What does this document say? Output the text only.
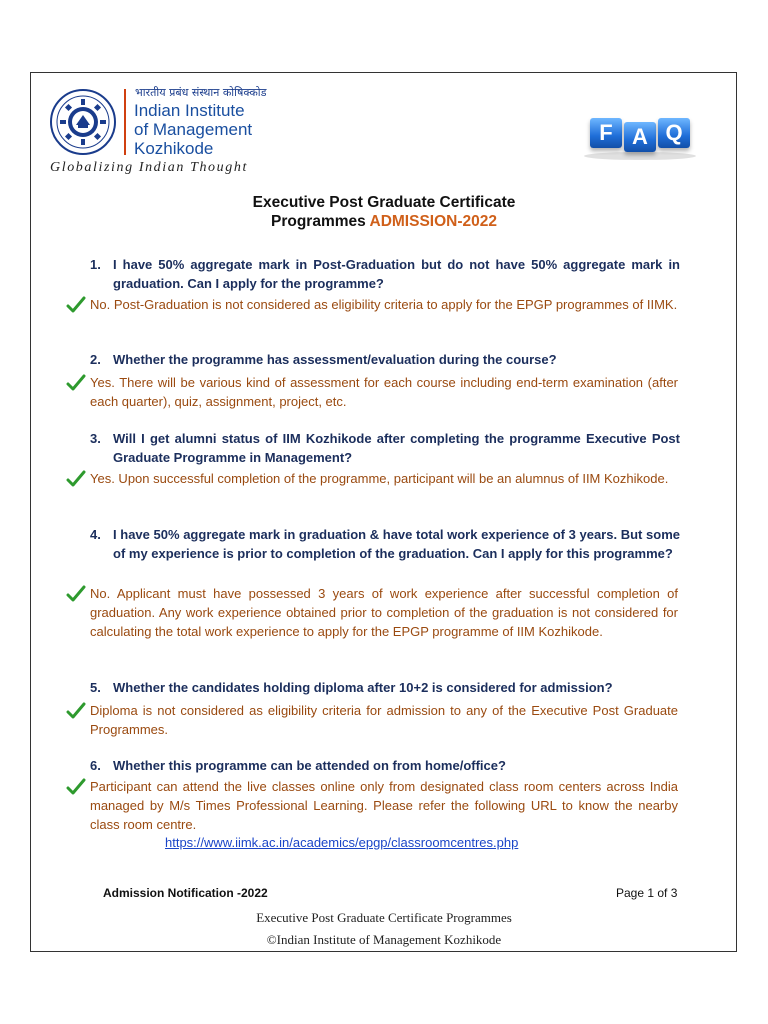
भारतीय प्रबंध संस्थान कोषिक्कोड
Indian Institute
of Management
Kozhikode
Globalizing Indian Thought
F A Q
Executive Post Graduate Certificate
Programmes ADMISSION-2022
1. I have 50% aggregate mark in Post-Graduation but do not have 50% aggregate mark in graduation. Can I apply for the programme?
No. Post-Graduation is not considered as eligibility criteria to apply for the EPGP programmes of IIMK.
2. Whether the programme has assessment/evaluation during the course?
Yes. There will be various kind of assessment for each course including end-term examination (after each quarter), quiz, assignment, project, etc.
3. Will I get alumni status of IIM Kozhikode after completing the programme Executive Post Graduate Programme in Management?
Yes. Upon successful completion of the programme, participant will be an alumnus of IIM Kozhikode.
4. I have 50% aggregate mark in graduation & have total work experience of 3 years. But some of my experience is prior to completion of the graduation. Can I apply for this programme?
No. Applicant must have possessed 3 years of work experience after successful completion of graduation. Any work experience obtained prior to completion of the graduation is not considered for calculating the total work experience to apply for the EPGP programme of IIM Kozhikode.
5. Whether the candidates holding diploma after 10+2 is considered for admission?
Diploma is not considered as eligibility criteria for admission to any of the Executive Post Graduate Programmes.
6. Whether this programme can be attended on from home/office?
Participant can attend the live classes online only from designated class room centers across India managed by M/s Times Professional Learning. Please refer the following URL to know the nearby class room centre.
https://www.iimk.ac.in/academics/epgp/classroomcentres.php
Admission Notification -2022	Page 1 of 3
Executive Post Graduate Certificate Programmes
©Indian Institute of Management Kozhikode
